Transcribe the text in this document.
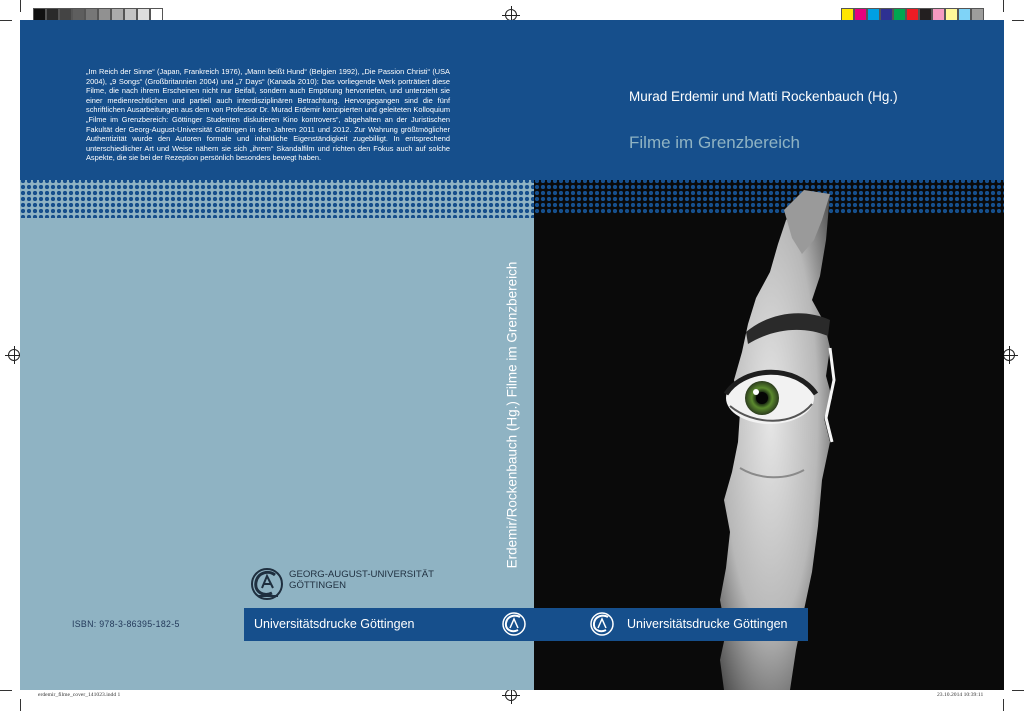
„Im Reich der Sinne“ (Japan, Frankreich 1976), „Mann beißt Hund“ (Belgien 1992), „Die Passion Christi“ (USA 2004), „9 Songs“ (Großbritannien 2004) und „7 Days“ (Kanada 2010): Das vorliegende Werk porträtiert diese Filme, die nach ihrem Erscheinen nicht nur Beifall, sondern auch Empörung hervorriefen, und unterzieht sie einer medienrechtlichen und partiell auch interdisziplinären Betrachtung. Hervorgegangen sind die fünf schriftlichen Ausarbeitungen aus dem von Professor Dr. Murad Erdemir konzipierten und geleiteten Kolloquium „Filme im Grenzbereich: Göttinger Studenten diskutieren Kino kontrovers“, abgehalten an der Juristischen Fakultät der Georg-August-Universität Göttingen in den Jahren 2011 und 2012. Zur Wahrung größtmöglicher Authentizität wurde den Autoren formale und inhaltliche Eigenständigkeit zugebilligt. In entsprechend unterschiedlicher Art und Weise nähern sie sich „ihrem“ Skandalfilm und richten den Fokus auch auf solche Aspekte, die sie bei der Rezeption persönlich besonders bewegt haben.

Murad Erdemir und Matti Rockenbauch (Hg.)
Filme im Grenzbereich
Erdemir/Rockenbauch (Hg.) Filme im Grenzbereich
GEORG-AUGUST-UNIVERSITÄT
GÖTTINGEN
ISBN: 978-3-86395-182-5	Universitätsdrucke Göttingen	Universitätsdrucke Göttingen
erdemir_filme_cover_141023.indd 1	23.10.2014 10:39:11
